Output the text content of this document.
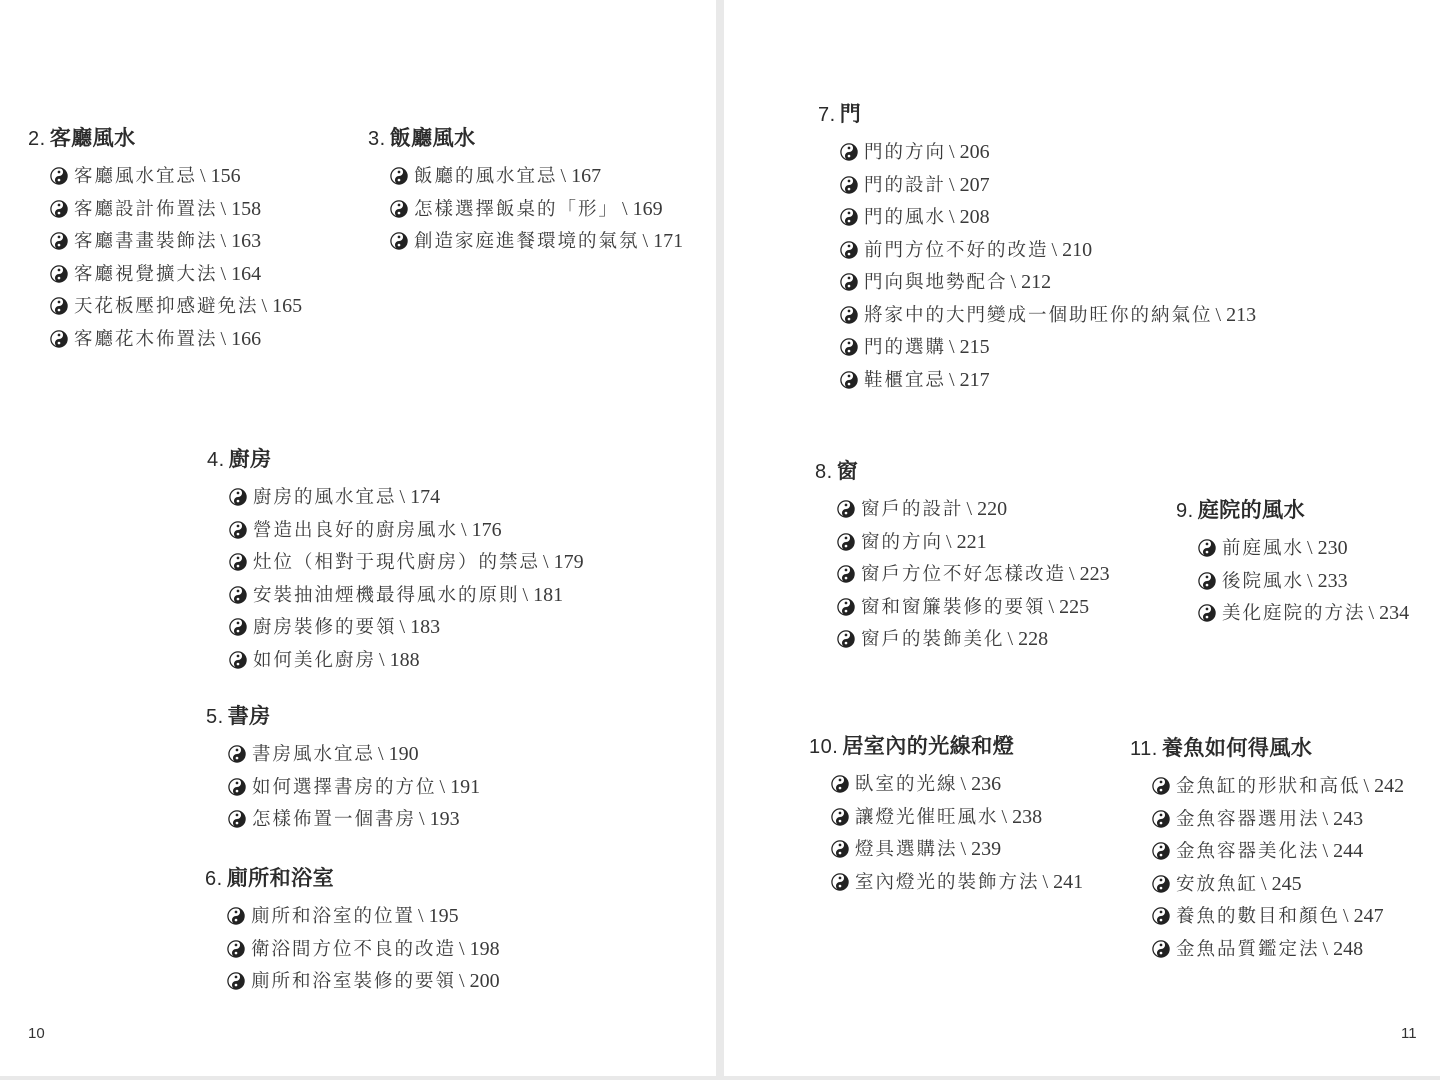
2. 客廳風水
客廳風水宜忌 \ 156
客廳設計佈置法 \ 158
客廳書畫裝飾法 \ 163
客廳視覺擴大法 \ 164
天花板壓抑感避免法 \ 165
客廳花木佈置法 \ 166
3. 飯廳風水
飯廳的風水宜忌 \ 167
怎樣選擇飯桌的「形」 \ 169
創造家庭進餐環境的氣氛 \ 171
4. 廚房
廚房的風水宜忌 \ 174
營造出良好的廚房風水 \ 176
灶位（相對于現代廚房）的禁忌 \ 179
安裝抽油煙機最得風水的原則 \ 181
廚房裝修的要領 \ 183
如何美化廚房 \ 188
5. 書房
書房風水宜忌 \ 190
如何選擇書房的方位 \ 191
怎樣佈置一個書房 \ 193
6. 廁所和浴室
廁所和浴室的位置 \ 195
衛浴間方位不良的改造 \ 198
廁所和浴室裝修的要領 \ 200
10
7. 門
門的方向 \ 206
門的設計 \ 207
門的風水 \ 208
前門方位不好的改造 \ 210
門向與地勢配合 \ 212
將家中的大門變成一個助旺你的納氣位 \ 213
門的選購 \ 215
鞋櫃宜忌 \ 217
8. 窗
窗戶的設計 \ 220
窗的方向 \ 221
窗戶方位不好怎樣改造 \ 223
窗和窗簾裝修的要領 \ 225
窗戶的裝飾美化 \ 228
9. 庭院的風水
前庭風水 \ 230
後院風水 \ 233
美化庭院的方法 \ 234
10. 居室內的光線和燈
臥室的光線 \ 236
讓燈光催旺風水 \ 238
燈具選購法 \ 239
室內燈光的裝飾方法 \ 241
11. 養魚如何得風水
金魚缸的形狀和高低 \ 242
金魚容器選用法 \ 243
金魚容器美化法 \ 244
安放魚缸 \ 245
養魚的數目和顏色 \ 247
金魚品質鑑定法 \ 248
11
